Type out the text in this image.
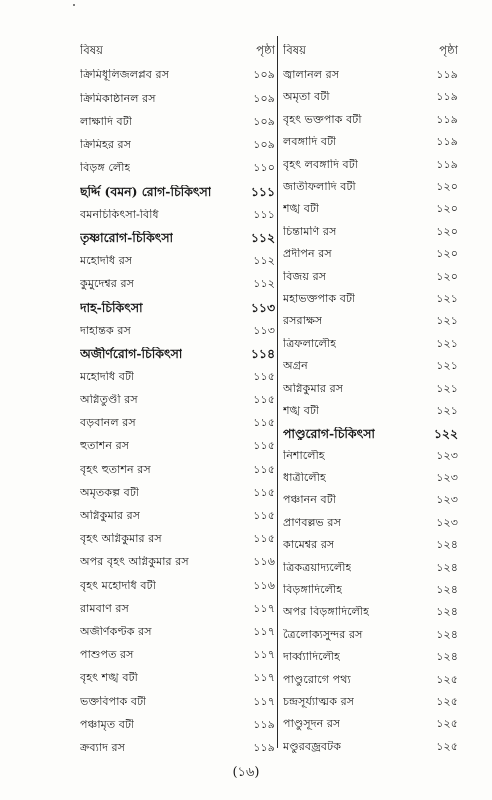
বিষয়	পৃষ্ঠা
ক্রিমিধূলিজলপ্লব রস	১০৯
ক্রিমিকাষ্ঠানল রস	১০৯
লাক্ষাদি বটী	১০৯
ক্রিমিহর রস	১০৯
বিড়ঙ্গ লৌহ	১১০
ছর্দ্দি (বমন) রোগ-চিকিৎসা	১১১
বমনচিকিৎসা-বিধি	১১১
তৃষ্ণারোগ-চিকিৎসা	১১২
মহোদধি রস	১১২
কুমুদেশ্বর রস	১১২
দাহ-চিকিৎসা	১১৩
দাহান্তক রস	১১৩
অজীর্ণরোগ-চিকিৎসা	১১৪
মহোদধি বটী	১১৫
অগ্নিতুণ্ডী রস	১১৫
বড়বানল রস	১১৫
হুতাশন রস	১১৫
বৃহৎ হুতাশন রস	১১৫
অমৃতকল্প বটী	১১৫
অগ্নিকুমার রস	১১৫
বৃহৎ অগ্নিকুমার রস	১১৫
অপর বৃহৎ অগ্নিকুমার রস	১১৬
বৃহৎ মহোদধি বটী	১১৬
রামবাণ রস	১১৭
অজীর্ণকণ্টক রস	১১৭
পাশুপত রস	১১৭
বৃহৎ শঙ্খ বটী	১১৭
ভক্তবিপাক বটী	১১৭
পঞ্চামৃত বটী	১১৯
ক্রব্যাদ রস	১১৯
বিষয়	পৃষ্ঠা
জ্বালানল রস	১১৯
অমৃতা বটী	১১৯
বৃহৎ ভক্তপাক বটী	১১৯
লবঙ্গাদি বটী	১১৯
বৃহৎ লবঙ্গাদি বটী	১১৯
জাতীফলাদি বটী	১২০
শঙ্খ বটী	১২০
চিন্তামণি রস	১২০
প্রদীপন রস	১২০
বিজয় রস	১২০
মহাভক্তপাক বটী	১২১
রসরাক্ষস	১২১
ত্রিফলালৌহ	১২১
অগ্রন	১২১
অগ্নিকুমার রস	১২১
শঙ্খ বটী	১২১
পাণ্ডুরোগ-চিকিৎসা	১২২
নিশালৌহ	১২৩
ধাত্রীলৌহ	১২৩
পঞ্চানন বটী	১২৩
প্রাণবল্লভ রস	১২৩
কামেশ্বর রস	১২৪
ত্রিকত্রয়াদ্যলৌহ	১২৪
বিড়ঙ্গাদিলৌহ	১২৪
অপর বিড়ঙ্গাদিলৌহ	১২৪
ত্রৈলোক্যসুন্দর রস	১২৪
দার্ব্ব্যাদিলৌহ	১২৪
পাণ্ডুরোগে পথ্য	১২৫
চন্দ্রসূর্য্যাত্মক রস	১২৫
পাণ্ডুসূদন রস	১২৫
মণ্ডুরবজ্রবটক	১২৫
(১৬)
